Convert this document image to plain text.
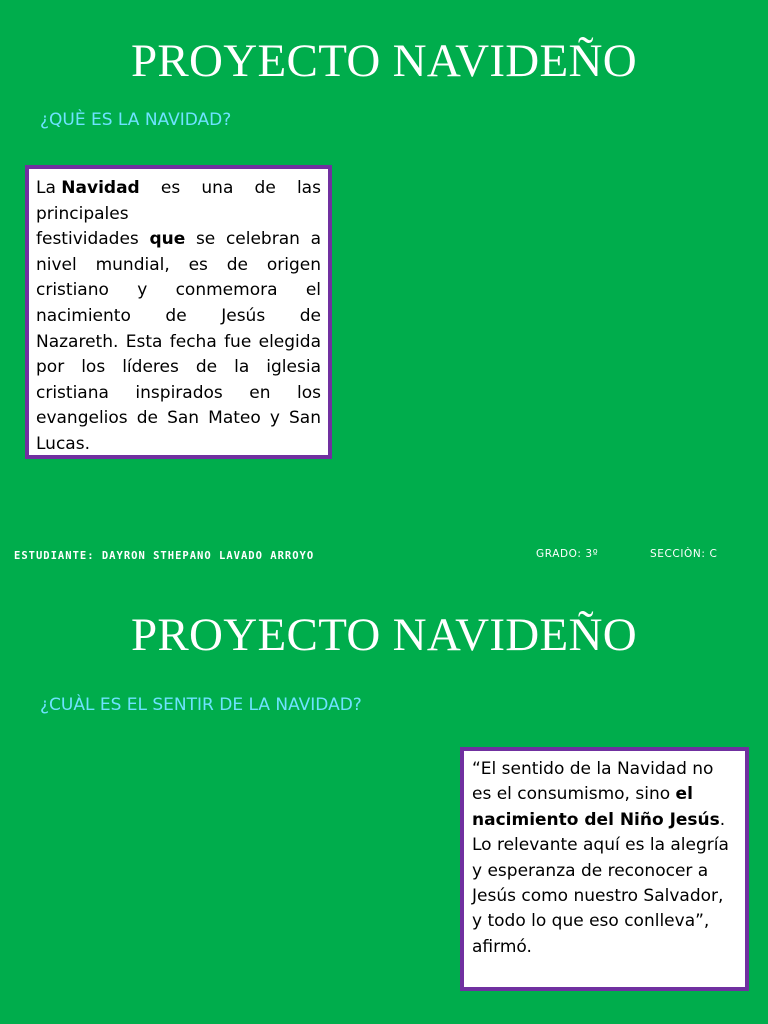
PROYECTO NAVIDEÑO
¿QUÈ ES LA NAVIDAD?
La Navidad es una de las
principales
festividades que se celebran a nivel mundial, es de origen cristiano y conmemora el nacimiento de Jesús de Nazareth. Esta fecha fue elegida por los líderes de la iglesia cristiana inspirados en los evangelios de San Mateo y San Lucas.
ESTUDIANTE: DAYRON STHEPANO LAVADO ARROYO	GRADO: 3º	SECCIÒN: C
PROYECTO NAVIDEÑO
¿CUÀL ES EL SENTIR DE LA NAVIDAD?
“El sentido de la Navidad no es el consumismo, sino el nacimiento del Niño Jesús. Lo relevante aquí es la alegría y esperanza de reconocer a Jesús como nuestro Salvador, y todo lo que eso conlleva”, afirmó.
